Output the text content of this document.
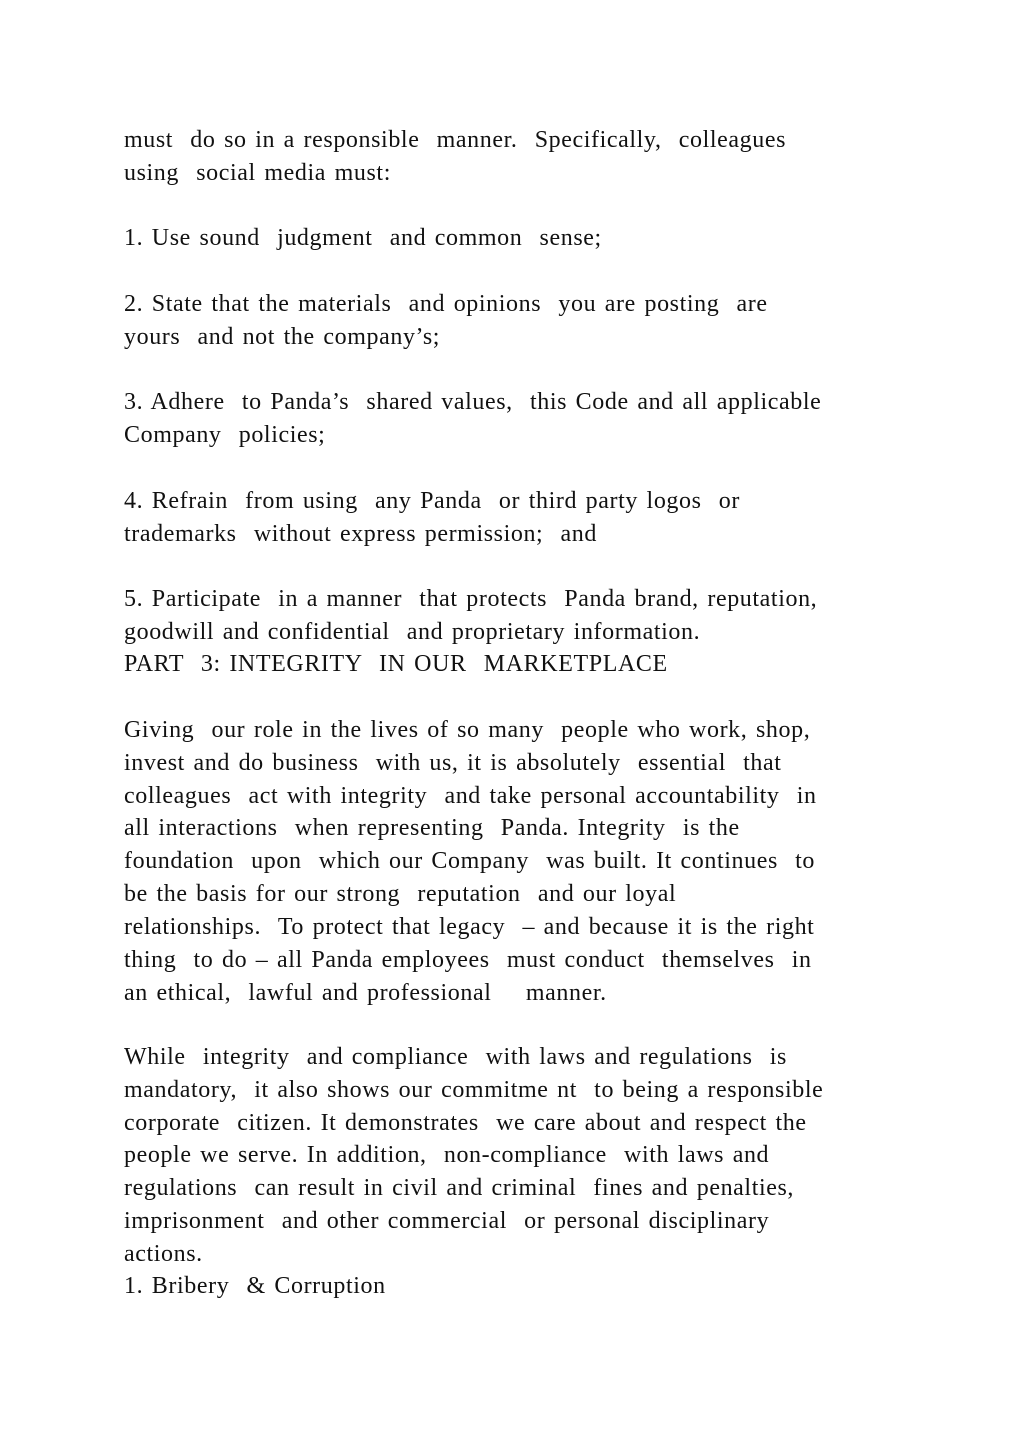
must  do so in a responsible  manner.  Specifically,  colleagues
using  social media must:
1. Use sound  judgment  and common  sense;
2. State that the materials  and opinions  you are posting  are
yours  and not the company’s;
3. Adhere  to Panda’s  shared values,  this Code and all applicable
Company  policies;
4. Refrain  from using  any Panda  or third party logos  or
trademarks  without express permission;  and
5. Participate  in a manner  that protects  Panda brand, reputation,
goodwill and confidential  and proprietary information.
PART  3: INTEGRITY  IN OUR  MARKETPLACE
Giving  our role in the lives of so many  people who work, shop,
invest and do business  with us, it is absolutely  essential  that
colleagues  act with integrity  and take personal accountability  in
all interactions  when representing  Panda. Integrity  is the
foundation  upon  which our Company  was built. It continues  to
be the basis for our strong  reputation  and our loyal
relationships.  To protect that legacy  – and because it is the right
thing  to do – all Panda employees  must conduct  themselves  in
an ethical,  lawful and professional    manner.
While  integrity  and compliance  with laws and regulations  is
mandatory,  it also shows our commitme nt  to being a responsible
corporate  citizen. It demonstrates  we care about and respect the
people we serve. In addition,  non-compliance  with laws and
regulations  can result in civil and criminal  fines and penalties,
imprisonment  and other commercial  or personal disciplinary
actions.
1. Bribery  & Corruption
